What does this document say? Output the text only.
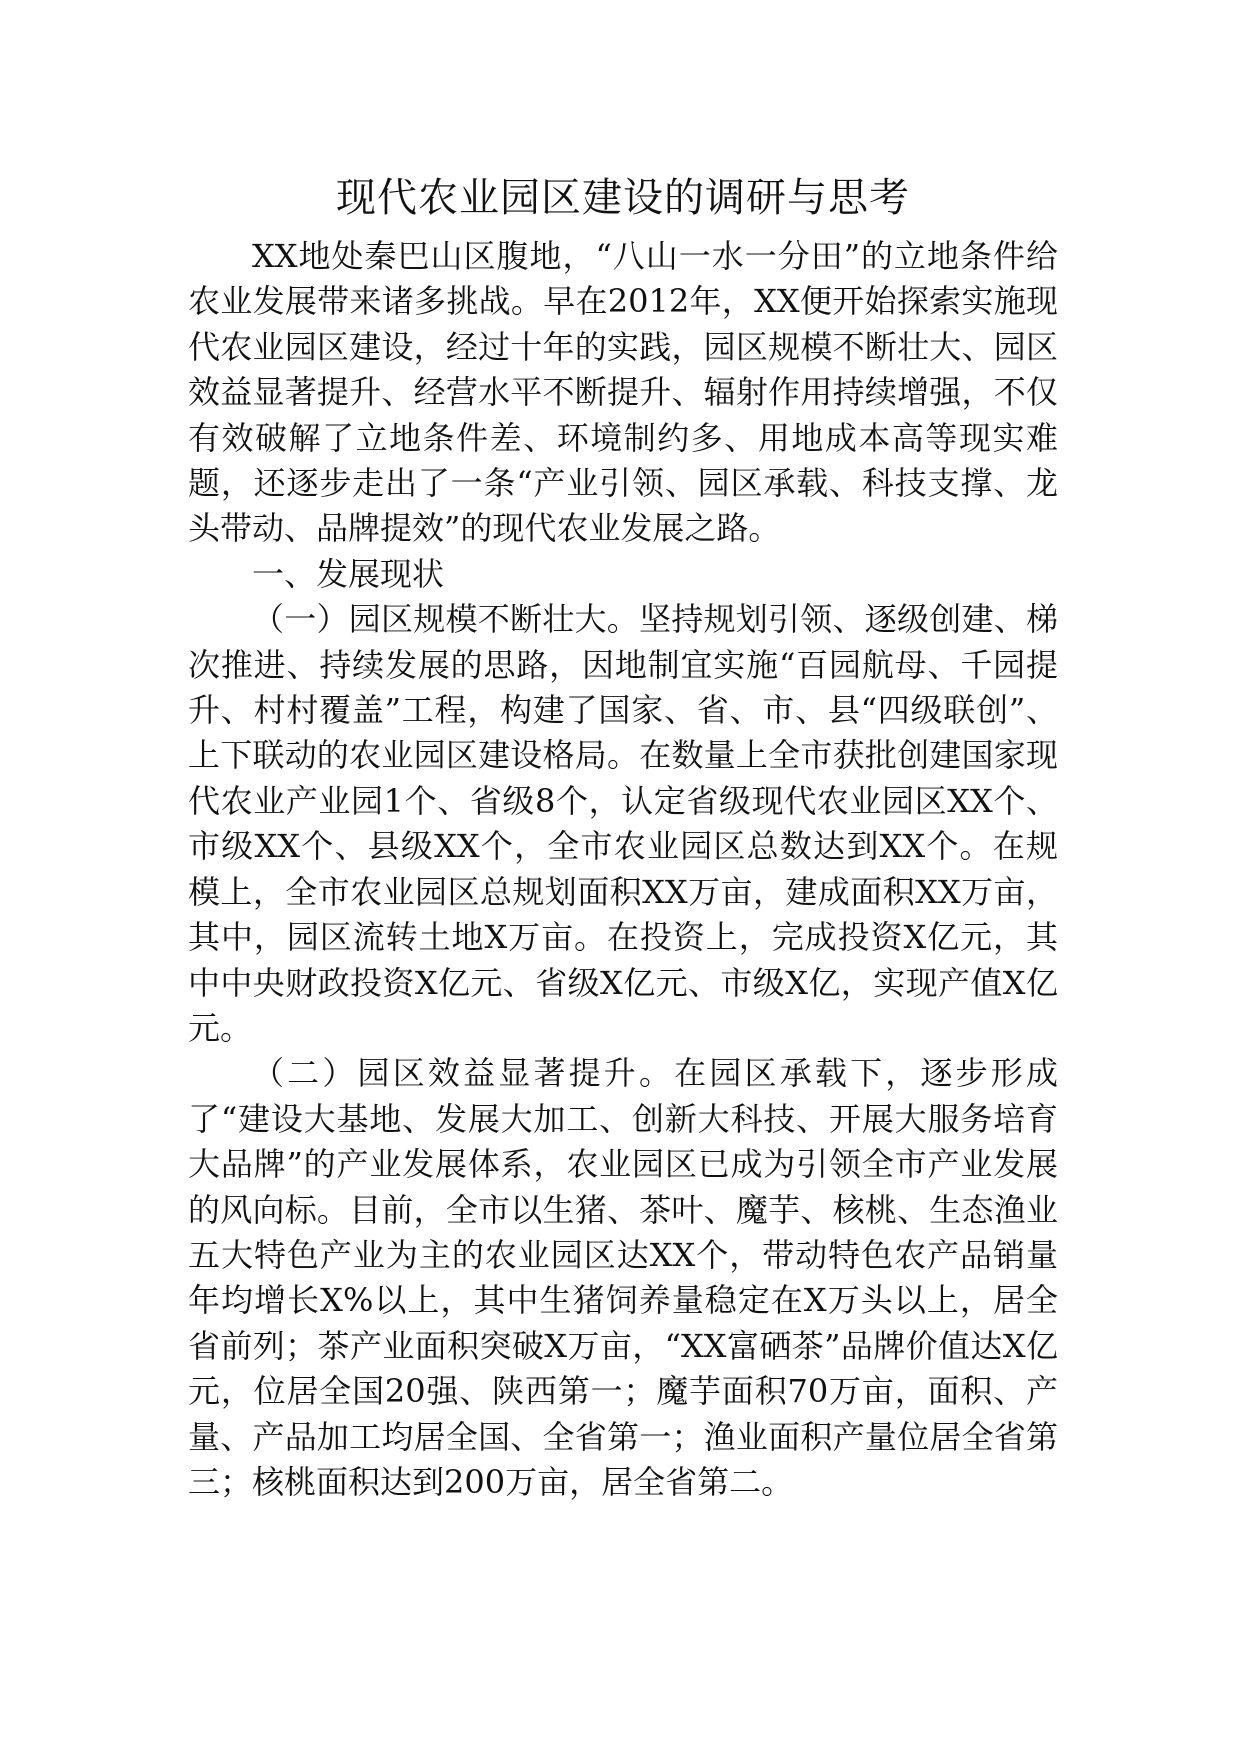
现代农业园区建设的调研与思考

XX地处秦巴山区腹地，“八山一水一分田”的立地条件给农业发展带来诸多挑战。早在2012年，XX便开始探索实施现代农业园区建设，经过十年的实践，园区规模不断壮大、园区效益显著提升、经营水平不断提升、辐射作用持续增强，不仅有效破解了立地条件差、环境制约多、用地成本高等现实难题，还逐步走出了一条“产业引领、园区承载、科技支撑、龙头带动、品牌提效”的现代农业发展之路。

一、发展现状

（一）园区规模不断壮大。坚持规划引领、逐级创建、梯次推进、持续发展的思路，因地制宜实施“百园航母、千园提升、村村覆盖”工程，构建了国家、省、市、县“四级联创”、上下联动的农业园区建设格局。在数量上全市获批创建国家现代农业产业园1个、省级8个，认定省级现代农业园区XX个、市级XX个、县级XX个，全市农业园区总数达到XX个。在规模上，全市农业园区总规划面积XX万亩，建成面积XX万亩，其中，园区流转土地X万亩。在投资上，完成投资X亿元，其中中央财政投资X亿元、省级X亿元、市级X亿，实现产值X亿元。

（二）园区效益显著提升。在园区承载下，逐步形成了“建设大基地、发展大加工、创新大科技、开展大服务培育大品牌”的产业发展体系，农业园区已成为引领全市产业发展的风向标。目前，全市以生猪、茶叶、魔芋、核桃、生态渔业五大特色产业为主的农业园区达XX个，带动特色农产品销量年均增长X%以上，其中生猪饲养量稳定在X万头以上，居全省前列；茶产业面积突破X万亩，“XX富硒茶”品牌价值达X亿元，位居全国20强、陕西第一；魔芋面积70万亩，面积、产量、产品加工均居全国、全省第一；渔业面积产量位居全省第三；核桃面积达到200万亩，居全省第二。
